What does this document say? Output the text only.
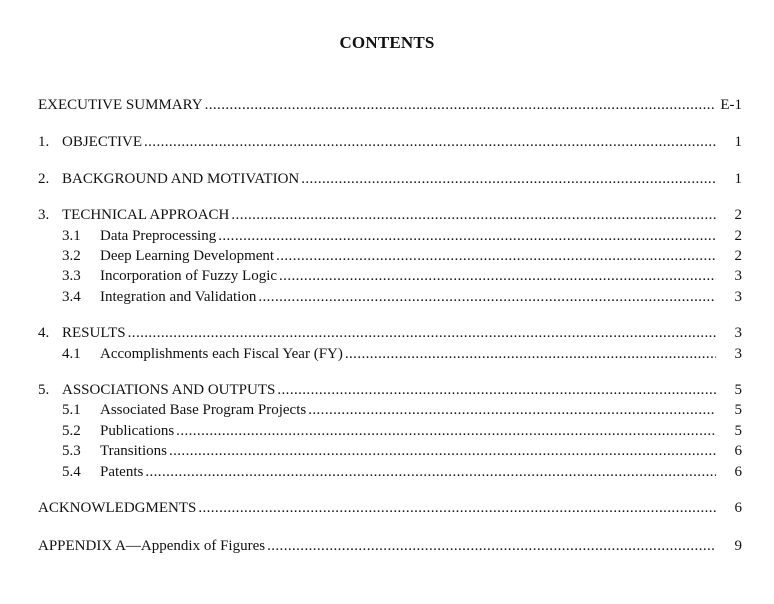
CONTENTS
EXECUTIVE SUMMARY .....	E-1
1. OBJECTIVE .....	1
2. BACKGROUND AND MOTIVATION .....	1
3. TECHNICAL APPROACH .....	2
3.1	Data Preprocessing .....	2
3.2	Deep Learning Development .....	2
3.3	Incorporation of Fuzzy Logic .....	3
3.4	Integration and Validation .....	3
4. RESULTS .....	3
4.1	Accomplishments each Fiscal Year (FY) .....	3
5. ASSOCIATIONS AND OUTPUTS .....	5
5.1	Associated Base Program Projects .....	5
5.2	Publications .....	5
5.3	Transitions .....	6
5.4	Patents .....	6
ACKNOWLEDGMENTS .....	6
APPENDIX A—Appendix of Figures .....	9
